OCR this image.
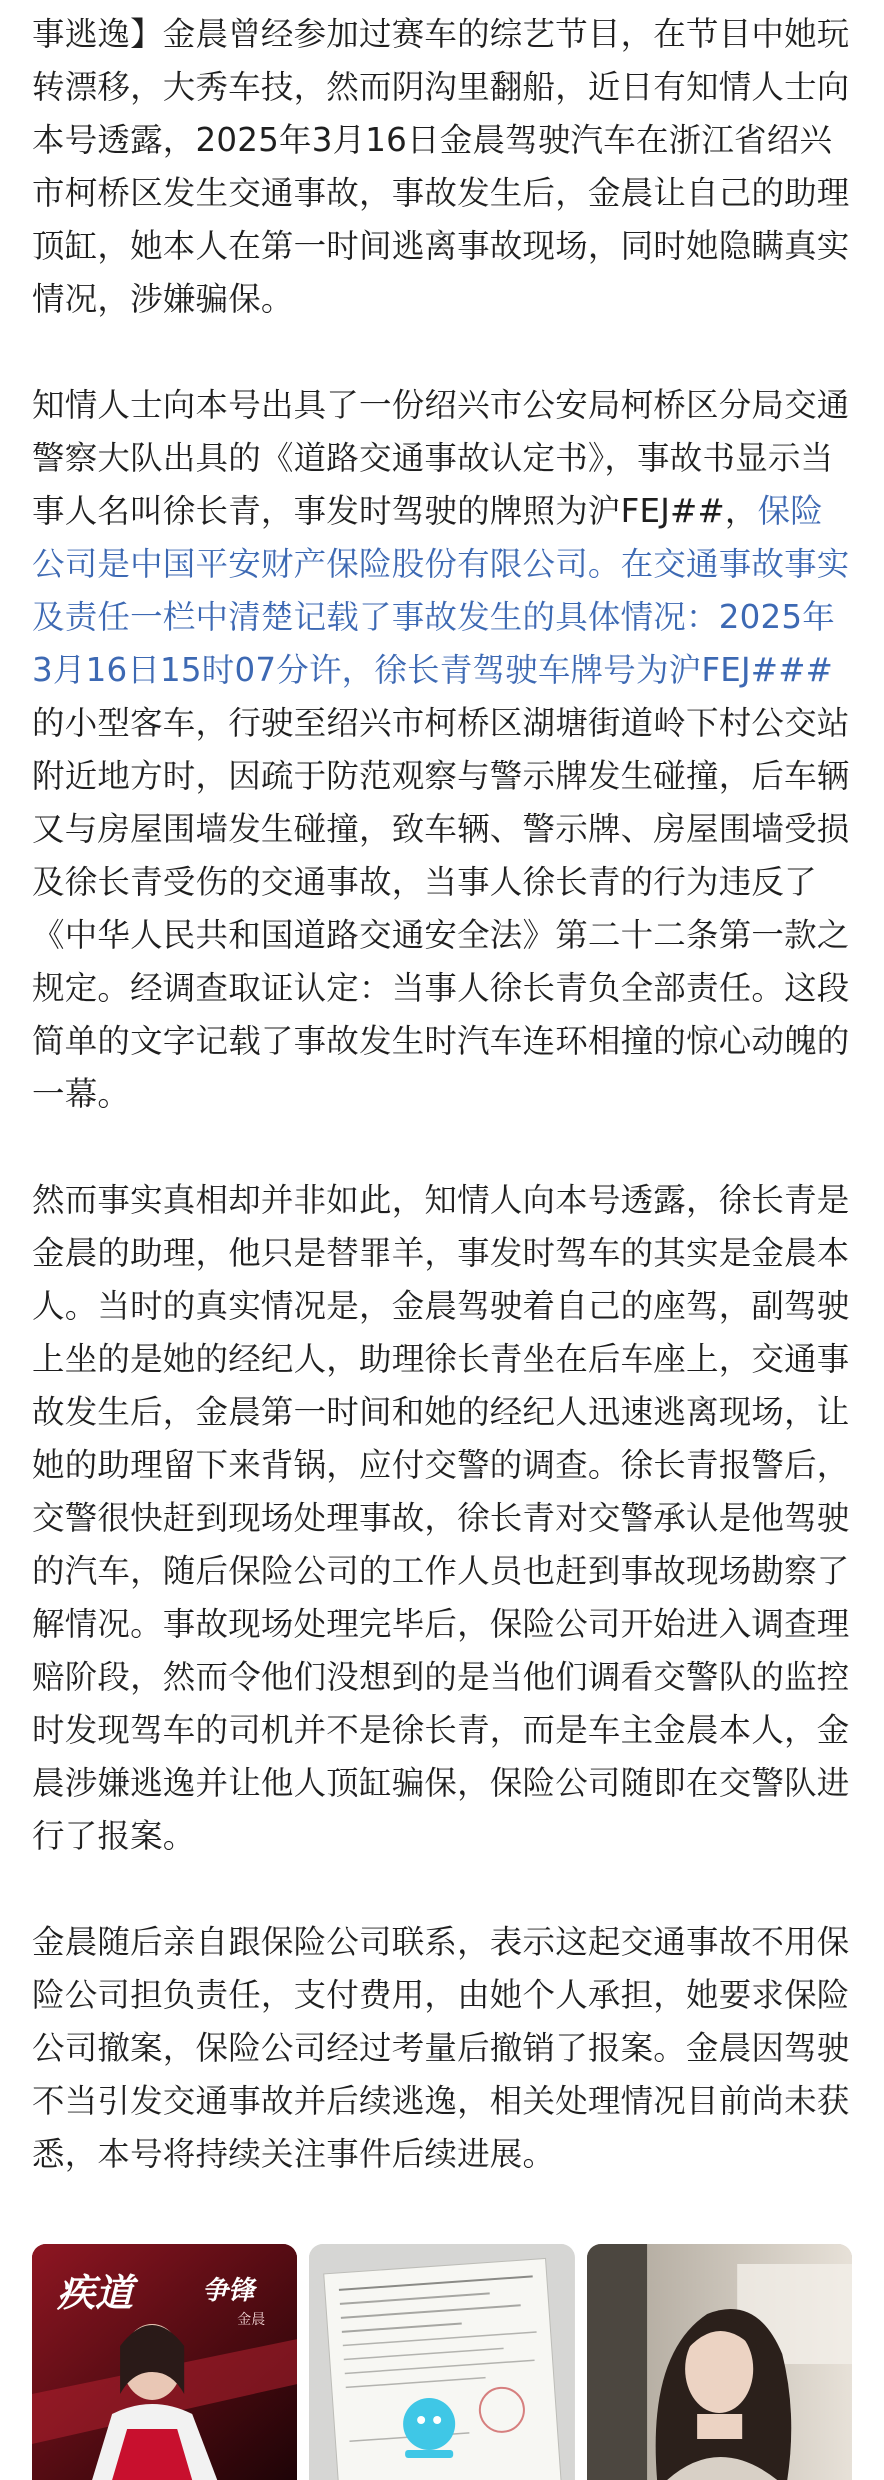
事逃逸】金晨曾经参加过赛车的综艺节目，在节目中她玩转漂移，大秀车技，然而阴沟里翻船，近日有知情人士向本号透露，2025年3月16日金晨驾驶汽车在浙江省绍兴市柯桥区发生交通事故，事故发生后，金晨让自己的助理顶缸，她本人在第一时间逃离事故现场，同时她隐瞒真实情况，涉嫌骗保。

知情人士向本号出具了一份绍兴市公安局柯桥区分局交通警察大队出具的《道路交通事故认定书》，事故书显示当事人名叫徐长青，事发时驾驶的牌照为沪FEJ##，保险公司是中国平安财产保险股份有限公司。在交通事故事实及责任一栏中清楚记载了事故发生的具体情况：2025年3月16日15时07分许，徐长青驾驶车牌号为沪FEJ###的小型客车，行驶至绍兴市柯桥区湖塘街道岭下村公交站附近地方时，因疏于防范观察与警示牌发生碰撞，后车辆又与房屋围墙发生碰撞，致车辆、警示牌、房屋围墙受损及徐长青受伤的交通事故，当事人徐长青的行为违反了《中华人民共和国道路交通安全法》第二十二条第一款之规定。经调查取证认定：当事人徐长青负全部责任。这段简单的文字记载了事故发生时汽车连环相撞的惊心动魄的一幕。

然而事实真相却并非如此，知情人向本号透露，徐长青是金晨的助理，他只是替罪羊，事发时驾车的其实是金晨本人。当时的真实情况是，金晨驾驶着自己的座驾，副驾驶上坐的是她的经纪人，助理徐长青坐在后车座上，交通事故发生后，金晨第一时间和她的经纪人迅速逃离现场，让她的助理留下来背锅，应付交警的调查。徐长青报警后，交警很快赶到现场处理事故，徐长青对交警承认是他驾驶的汽车，随后保险公司的工作人员也赶到事故现场勘察了解情况。事故现场处理完毕后，保险公司开始进入调查理赔阶段，然而令他们没想到的是当他们调看交警队的监控时发现驾车的司机并不是徐长青，而是车主金晨本人，金晨涉嫌逃逸并让他人顶缸骗保，保险公司随即在交警队进行了报案。

金晨随后亲自跟保险公司联系，表示这起交通事故不用保险公司担负责任，支付费用，由她个人承担，她要求保险公司撤案，保险公司经过考量后撤销了报案。金晨因驾驶不当引发交通事故并后续逃逸，相关处理情况目前尚未获悉，本号将持续关注事件后续进展。

疾道	争锋
金晨
